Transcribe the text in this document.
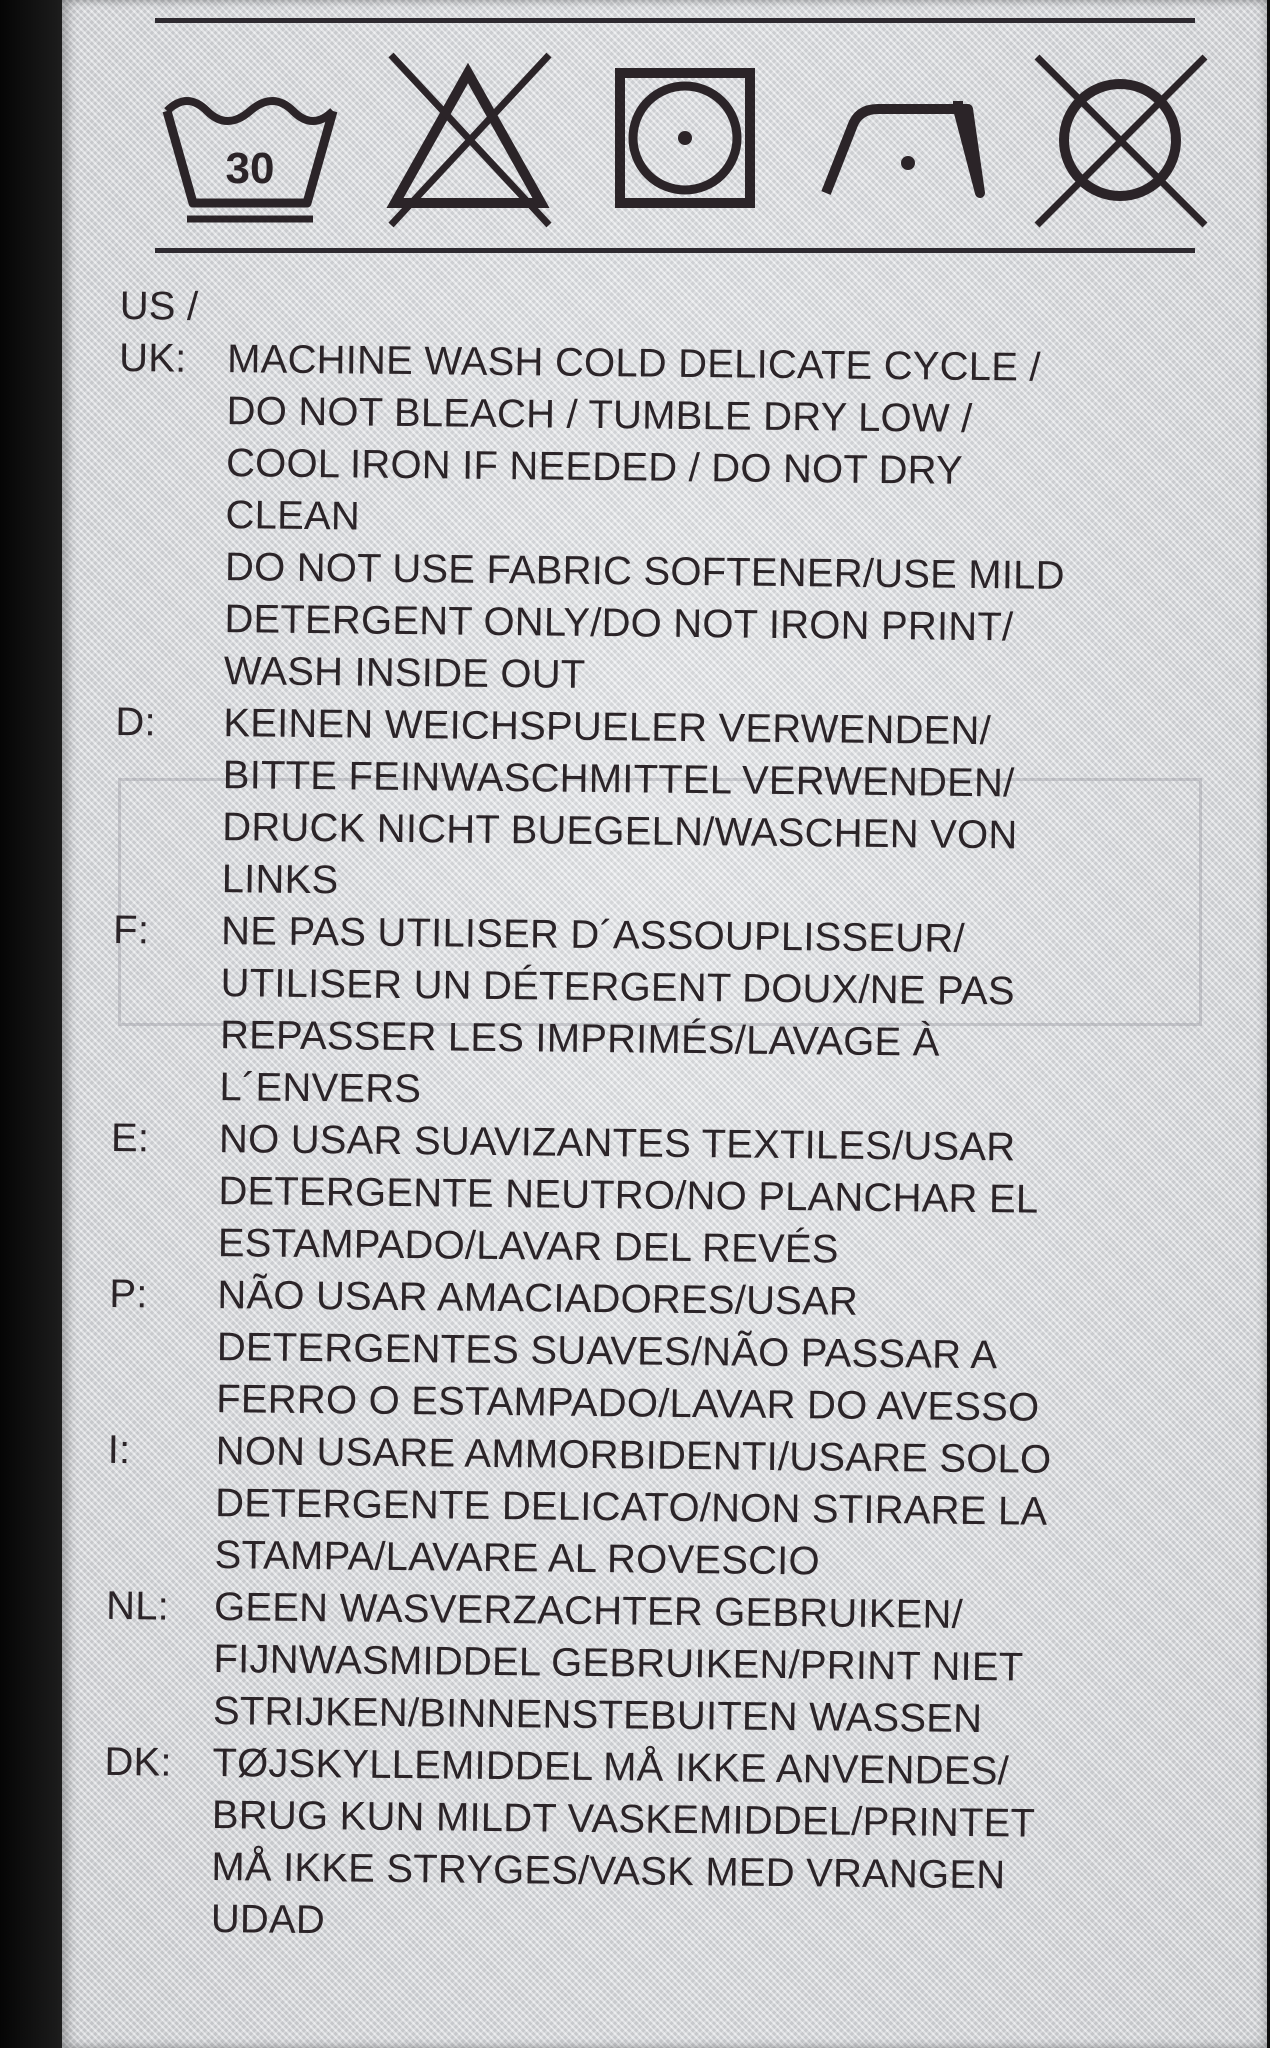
30
US /
UK:	MACHINE WASH COLD DELICATE CYCLE /
DO NOT BLEACH / TUMBLE DRY LOW /
COOL IRON IF NEEDED / DO NOT DRY
CLEAN
DO NOT USE FABRIC SOFTENER/USE MILD
DETERGENT ONLY/DO NOT IRON PRINT/
WASH INSIDE OUT
D:	KEINEN WEICHSPUELER VERWENDEN/
BITTE FEINWASCHMITTEL VERWENDEN/
DRUCK NICHT BUEGELN/WASCHEN VON
LINKS
F:	NE PAS UTILISER D´ASSOUPLISSEUR/
UTILISER UN DÉTERGENT DOUX/NE PAS
REPASSER LES IMPRIMÉS/LAVAGE À
L´ENVERS
E:	NO USAR SUAVIZANTES TEXTILES/USAR
DETERGENTE NEUTRO/NO PLANCHAR EL
ESTAMPADO/LAVAR DEL REVÉS
P:	NÃO USAR AMACIADORES/USAR
DETERGENTES SUAVES/NÃO PASSAR A
FERRO O ESTAMPADO/LAVAR DO AVESSO
I:	NON USARE AMMORBIDENTI/USARE SOLO
DETERGENTE DELICATO/NON STIRARE LA
STAMPA/LAVARE AL ROVESCIO
NL:	GEEN WASVERZACHTER GEBRUIKEN/
FIJNWASMIDDEL GEBRUIKEN/PRINT NIET
STRIJKEN/BINNENSTEBUITEN WASSEN
DK:	TØJSKYLLEMIDDEL MÅ IKKE ANVENDES/
BRUG KUN MILDT VASKEMIDDEL/PRINTET
MÅ IKKE STRYGES/VASK MED VRANGEN
UDAD
